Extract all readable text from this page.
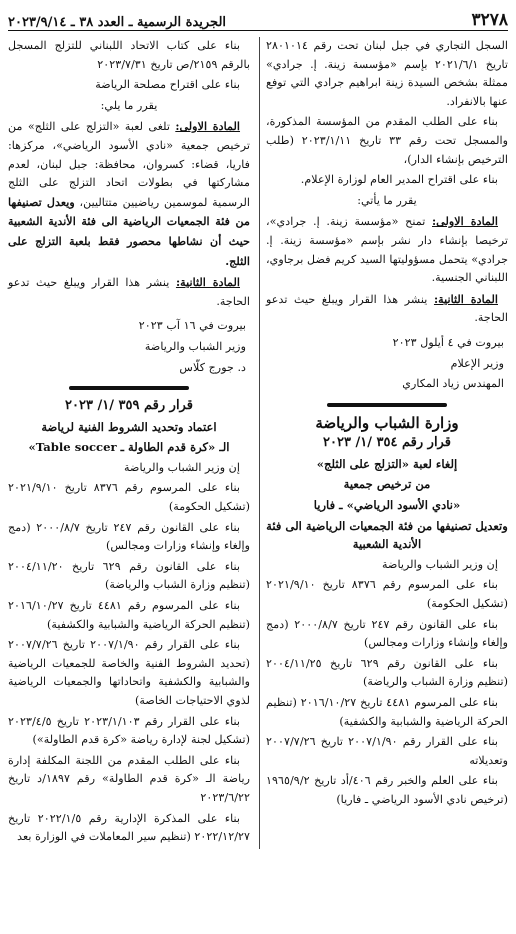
٣٢٧٨
الجريدة الرسمية ـ العدد ٣٨ ـ ٢٠٢٣/٩/١٤

السجل التجاري في جبل لبنان تحت رقم ٢٨٠١٠١٤ تاريخ ٢٠٢١/٦/١ بإسم «مؤسسة زينة. إ. جرادي» ممثلة بشخص السيدة زينة ابراهيم جرادي التي توفع عنها بالانفراد.

بناء على الطلب المقدم من المؤسسة المذكورة، والمسجل تحت رقم ٣٣ تاريخ ٢٠٢٣/١/١١ (طلب الترخيص بإنشاء الدار)،

بناء على اقتراح المدير العام لوزارة الإعلام.

يقرر ما يأتي:

المادة الاولى: تمنح «مؤسسة زينة. إ. جرادي»، ترخيصا بإنشاء دار نشر بإسم «مؤسسة زينة. إ. جرادي» يتحمل مسؤوليتها السيد كريم فضل برجاوي، اللبناني الجنسية.

المادة الثانية: ينشر هذا القرار ويبلغ حيث تدعو الحاجة.

بيروت في ٤ أيلول ٢٠٢٣

وزير الإعلام

المهندس زياد المكاري

وزارة الشباب والرياضة

قرار رقم ٣٥٤ /١/ ٢٠٢٣

إلغاء لعبة «التزلج على الثلج»

من ترخيص جمعية

«نادي الأسود الرياضي» ـ فاريا

وتعديل تصنيفها من فئة الجمعيات الرياضية الى فئة الأندية الشعبية

إن وزير الشباب والرياضة

بناء على المرسوم رقم ٨٣٧٦ تاريخ ٢٠٢١/٩/١٠ (تشكيل الحكومة)

بناء على القانون رقم ٢٤٧ تاريخ ٢٠٠٠/٨/٧ (دمج وإلغاء وإنشاء وزارات ومجالس)

بناء على القانون رقم ٦٢٩ تاريخ ٢٠٠٤/١١/٢٥ (تنظيم وزارة الشباب والرياضة)

بناء على المرسوم ٤٤٨١ تاريخ ٢٠١٦/١٠/٢٧ (تنظيم الحركة الرياضية والشبابية والكشفية)

بناء على القرار رقم ٢٠٠٧/١/٩٠ تاريخ ٢٠٠٧/٧/٢٦ وتعديلاته

بناء على العلم والخبر رقم ٤٠٦/أد تاريخ ١٩٦٥/٩/٢ (ترخيص نادي الأسود الرياضي ـ فاريا)

بناء على كتاب الاتحاد اللبناني للتزلج المسجل بالرقم ٢١٥٩/ص تاريخ ٢٠٢٣/٧/٣١

بناء على اقتراح مصلحة الرياضة

يقرر ما يلي:

المادة الاولى: تلغى لعبة «التزلج على الثلج» من ترخيص جمعية «نادي الأسود الرياضي»، مركزها: فاريا، قضاء: كسروان، محافظة: جبل لبنان، لعدم مشاركتها في بطولات اتحاد التزلج على الثلج الرسمية لموسمين رياضيين متتاليين، ويعدل تصنيفها من فئة الجمعيات الرياضية الى فئة الأندية الشعبية حيث أن نشاطها محصور فقط بلعبة التزلج على الثلج.

المادة الثانية: ينشر هذا القرار ويبلغ حيث تدعو الحاجة.

بيروت في ١٦ آب ٢٠٢٣

وزير الشباب والرياضة

د. جورج كلّاس

قرار رقم ٣٥٩ /١/ ٢٠٢٣

اعتماد وتحديد الشروط الفنية لرياضة

الـ «كرة قدم الطاولة ـ Table soccer»

إن وزير الشباب والرياضة

بناء على المرسوم رقم ٨٣٧٦ تاريخ ٢٠٢١/٩/١٠ (تشكيل الحكومة)

بناء على القانون رقم ٢٤٧ تاريخ ٢٠٠٠/٨/٧ (دمج وإلغاء وإنشاء وزارات ومجالس)

بناء على القانون رقم ٦٢٩ تاريخ ٢٠٠٤/١١/٢٠ (تنظيم وزارة الشباب والرياضة)

بناء على المرسوم رقم ٤٤٨١ تاريخ ٢٠١٦/١٠/٢٧ (تنظيم الحركة الرياضية والشبابية والكشفية)

بناء على القرار رقم ٢٠٠٧/١/٩٠ تاريخ ٢٠٠٧/٧/٢٦ (تحديد الشروط الفنية والخاصة للجمعيات الرياضية والشبابية والكشفية واتحاداتها والجمعيات الرياضية لذوي الاحتياجات الخاصة)

بناء على القرار رقم ٢٠٢٣/١/١٠٣ تاريخ ٢٠٢٣/٤/٥ (تشكيل لجنة لإدارة رياضة «كرة قدم الطاولة»)

بناء على الطلب المقدم من اللجنة المكلفة إدارة رياضة الـ «كرة قدم الطاولة» رقم ١٨٩٧/د تاريخ ٢٠٢٣/٦/٢٢

بناء على المذكرة الإدارية رقم ٢٠٢٢/١/٥ تاريخ ٢٠٢٢/١٢/٢٧ (تنظيم سير المعاملات في الوزارة بعد
